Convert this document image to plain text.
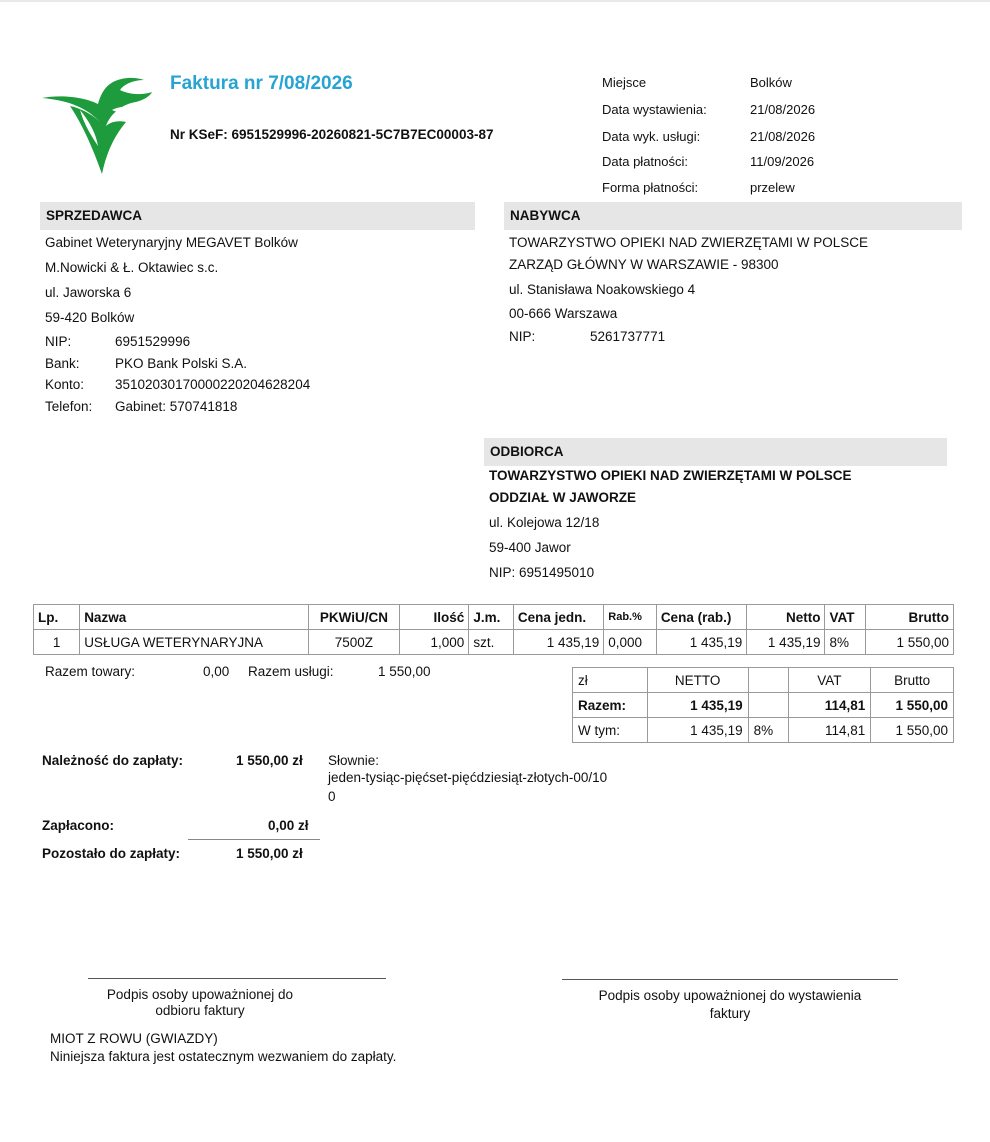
Faktura nr 7/08/2026
Nr KSeF: 6951529996-20260821-5C7B7EC00003-87
Miejsce	Bolków
Data wystawienia:	21/08/2026
Data wyk. usługi:	21/08/2026
Data płatności:	11/09/2026
Forma płatności:	przelew
SPRZEDAWCA
Gabinet Weterynaryjny MEGAVET Bolków
M.Nowicki & Ł. Oktawiec s.c.
ul. Jaworska 6
59-420 Bolków
NIP:	6951529996
Bank:	PKO Bank Polski S.A.
Konto: 35102030170000220204628204
Telefon: Gabinet: 570741818
NABYWCA
TOWARZYSTWO OPIEKI NAD ZWIERZĘTAMI W POLSCE
ZARZĄD GŁÓWNY W WARSZAWIE - 98300
ul. Stanisława Noakowskiego 4
00-666 Warszawa
NIP:	5261737771
ODBIORCA
TOWARZYSTWO OPIEKI NAD ZWIERZĘTAMI W POLSCE
ODDZIAŁ W JAWORZE
ul. Kolejowa 12/18
59-400 Jawor
NIP: 6951495010
Lp.	Nazwa	PKWiU/CN	Ilość	J.m.	Cena jedn.	Rab.%	Cena (rab.)	Netto	VAT	Brutto
1	USŁUGA WETERYNARYJNA	7500Z	1,000	szt.	1 435,19	0,000	1 435,19	1 435,19	8%	1 550,00
Razem towary:	0,00 Razem usługi:	1 550,00
zł	NETTO		VAT	Brutto
Razem:	1 435,19		114,81	1 550,00
W tym:	1 435,19	8%	114,81	1 550,00
Należność do zapłaty:	1 550,00 zł Słownie:
jeden-tysiąc-pięćset-pięćdziesiąt-złotych-00/10
0
Zapłacono:	0,00 zł
Pozostało do zapłaty:	1 550,00 zł
Podpis osoby upoważnionej do
odbioru faktury
Podpis osoby upoważnionej do wystawienia
faktury
MIOT Z ROWU (GWIAZDY)
Niniejsza faktura jest ostatecznym wezwaniem do zapłaty.
